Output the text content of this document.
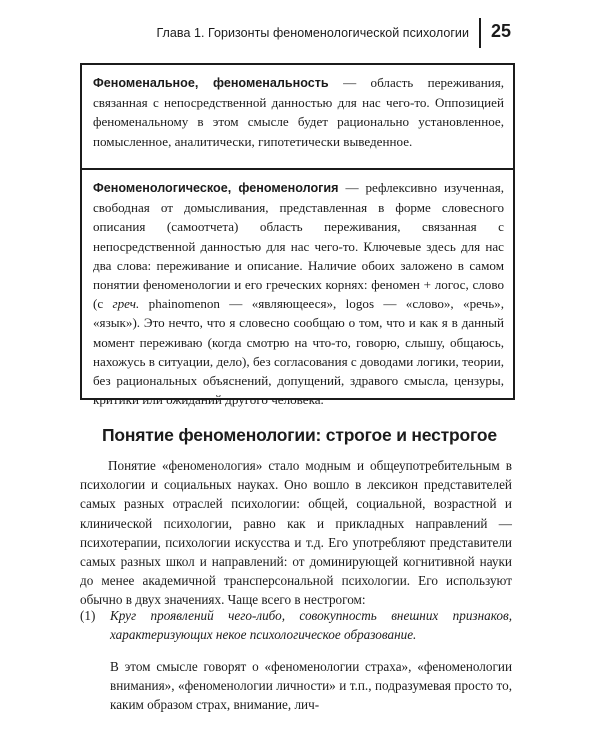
Глава 1. Горизонты феноменологической психологии 25
Феноменальное, феноменальность — область переживания, связанная с непосредственной данностью для нас чего-то. Оппозицией феноменальному в этом смысле будет рационально установленное, помысленное, аналитически, гипотетически выведенное.
Феноменологическое, феноменология — рефлексивно изученная, свободная от домысливания, представленная в форме словесного описания (самоотчета) область переживания, связанная с непосредственной данностью для нас чего-то. Ключевые здесь для нас два слова: переживание и описание. Наличие обоих заложено в самом понятии феноменологии и его греческих корнях: феномен + логос, слово (с греч. phainomenon — «являющееся», logos — «слово», «речь», «язык»). Это нечто, что я словесно сообщаю о том, что и как я в данный момент переживаю (когда смотрю на что-то, говорю, слышу, общаюсь, нахожусь в ситуации, дело), без согласования с доводами логики, теории, без рациональных объяснений, допущений, здравого смысла, цензуры, критики или ожиданий другого человека.
Понятие феноменологии: строгое и нестрогое
Понятие «феноменология» стало модным и общеупотребительным в психологии и социальных науках. Оно вошло в лексикон представителей самых разных отраслей психологии: общей, социальной, возрастной и клинической психологии, равно как и прикладных направлений — психотерапии, психологии искусства и т.д. Его употребляют представители самых разных школ и направлений: от доминирующей когнитивной науки до менее академичной трансперсональной психологии. Его используют обычно в двух значениях. Чаще всего в нестрогом:
(1) Круг проявлений чего-либо, совокупность внешних признаков, характеризующих некое психологическое образование.
В этом смысле говорят о «феноменологии страха», «феноменологии внимания», «феноменологии личности» и т.п., подразумевая просто то, каким образом страх, внимание, лич-
